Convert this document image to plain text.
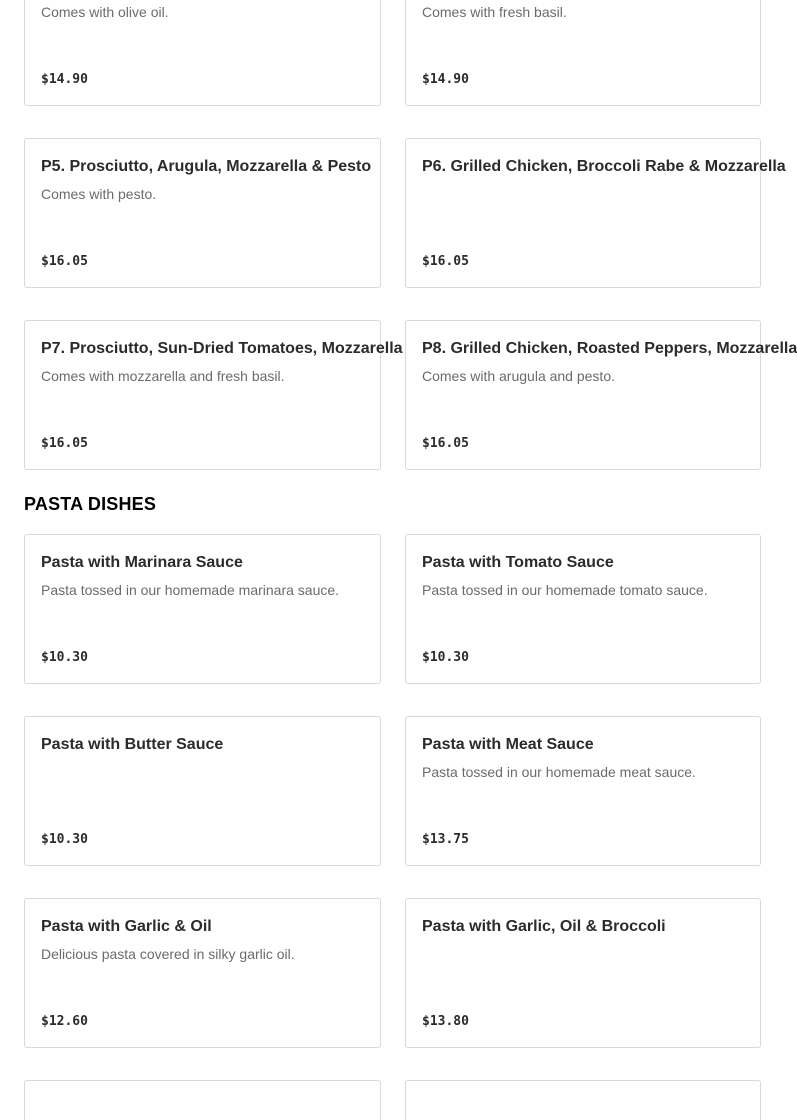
Comes with olive oil.
$14.90
Comes with fresh basil.
$14.90
P5. Prosciutto, Arugula, Mozzarella & Pesto
Comes with pesto.
$16.05
P6. Grilled Chicken, Broccoli Rabe & Mozzarella
$16.05
P7. Prosciutto, Sun-Dried Tomatoes, Mozzarella
Comes with mozzarella and fresh basil.
$16.05
P8. Grilled Chicken, Roasted Peppers, Mozzarella
Comes with arugula and pesto.
$16.05
PASTA DISHES
Pasta with Marinara Sauce
Pasta tossed in our homemade marinara sauce.
$10.30
Pasta with Tomato Sauce
Pasta tossed in our homemade tomato sauce.
$10.30
Pasta with Butter Sauce
$10.30
Pasta with Meat Sauce
Pasta tossed in our homemade meat sauce.
$13.75
Pasta with Garlic & Oil
Delicious pasta covered in silky garlic oil.
$12.60
Pasta with Garlic, Oil & Broccoli
$13.80
